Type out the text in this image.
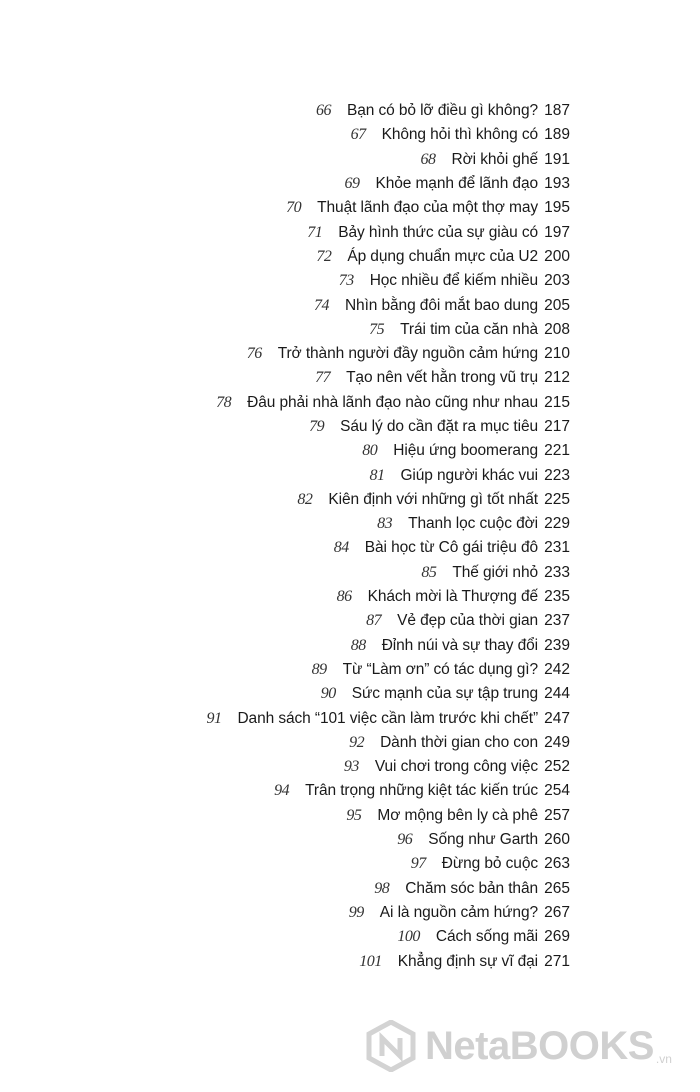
66 Bạn có bỏ lỡ điều gì không? 187
67 Không hỏi thì không có 189
68 Rời khỏi ghế 191
69 Khỏe mạnh để lãnh đạo 193
70 Thuật lãnh đạo của một thợ may 195
71 Bảy hình thức của sự giàu có 197
72 Áp dụng chuẩn mực của U2 200
73 Học nhiều để kiếm nhiều 203
74 Nhìn bằng đôi mắt bao dung 205
75 Trái tim của căn nhà 208
76 Trở thành người đầy nguồn cảm hứng 210
77 Tạo nên vết hằn trong vũ trụ 212
78 Đâu phải nhà lãnh đạo nào cũng như nhau 215
79 Sáu lý do cần đặt ra mục tiêu 217
80 Hiệu ứng boomerang 221
81 Giúp người khác vui 223
82 Kiên định với những gì tốt nhất 225
83 Thanh lọc cuộc đời 229
84 Bài học từ Cô gái triệu đô 231
85 Thế giới nhỏ 233
86 Khách mời là Thượng đế 235
87 Vẻ đẹp của thời gian 237
88 Đỉnh núi và sự thay đổi 239
89 Từ “Làm ơn” có tác dụng gì? 242
90 Sức mạnh của sự tập trung 244
91 Danh sách “101 việc cần làm trước khi chết” 247
92 Dành thời gian cho con 249
93 Vui chơi trong công việc 252
94 Trân trọng những kiệt tác kiến trúc 254
95 Mơ mộng bên ly cà phê 257
96 Sống như Garth 260
97 Đừng bỏ cuộc 263
98 Chăm sóc bản thân 265
99 Ai là nguồn cảm hứng? 267
100 Cách sống mãi 269
101 Khẳng định sự vĩ đại 271
NetaBOOKS .vn
